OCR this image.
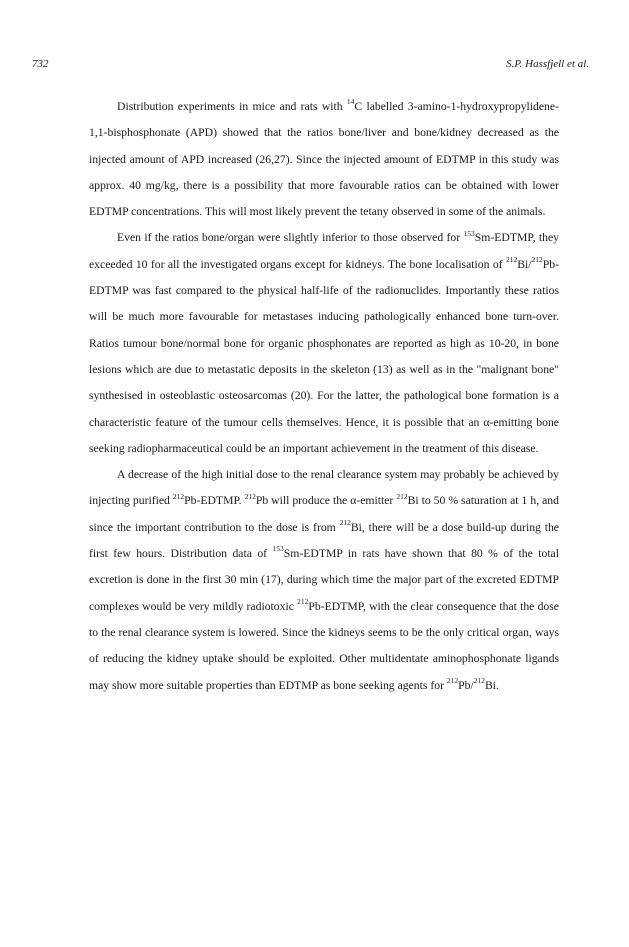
732	S.P. Hassfjell et al.

Distribution experiments in mice and rats with $^{14}$C labelled 3-amino-1-hydroxypropylidene-1,1-bisphosphonate (APD) showed that the ratios bone/liver and bone/kidney decreased as the injected amount of APD increased (26,27). Since the injected amount of EDTMP in this study was approx. 40 mg/kg, there is a possibility that more favourable ratios can be obtained with lower EDTMP concentrations. This will most likely prevent the tetany observed in some of the animals.

Even if the ratios bone/organ were slightly inferior to those observed for $^{153}$Sm-EDTMP, they exceeded 10 for all the investigated organs except for kidneys. The bone localisation of $^{212}$Bi/$^{212}$Pb-EDTMP was fast compared to the physical half-life of the radionuclides. Importantly these ratios will be much more favourable for metastases inducing pathologically enhanced bone turn-over. Ratios tumour bone/normal bone for organic phosphonates are reported as high as 10-20, in bone lesions which are due to metastatic deposits in the skeleton (13) as well as in the "malignant bone" synthesised in osteoblastic osteosarcomas (20). For the latter, the pathological bone formation is a characteristic feature of the tumour cells themselves. Hence, it is possible that an α-emitting bone seeking radiopharmaceutical could be an important achievement in the treatment of this disease.

A decrease of the high initial dose to the renal clearance system may probably be achieved by injecting purified $^{212}$Pb-EDTMP. $^{212}$Pb will produce the α-emitter $^{212}$Bi to 50 % saturation at 1 h, and since the important contribution to the dose is from $^{212}$Bi, there will be a dose build-up during the first few hours. Distribution data of $^{153}$Sm-EDTMP in rats have shown that 80 % of the total excretion is done in the first 30 min (17), during which time the major part of the excreted EDTMP complexes would be very mildly radiotoxic $^{212}$Pb-EDTMP, with the clear consequence that the dose to the renal clearance system is lowered. Since the kidneys seems to be the only critical organ, ways of reducing the kidney uptake should be exploited. Other multidentate aminophosphonate ligands may show more suitable properties than EDTMP as bone seeking agents for $^{212}$Pb/$^{212}$Bi.
